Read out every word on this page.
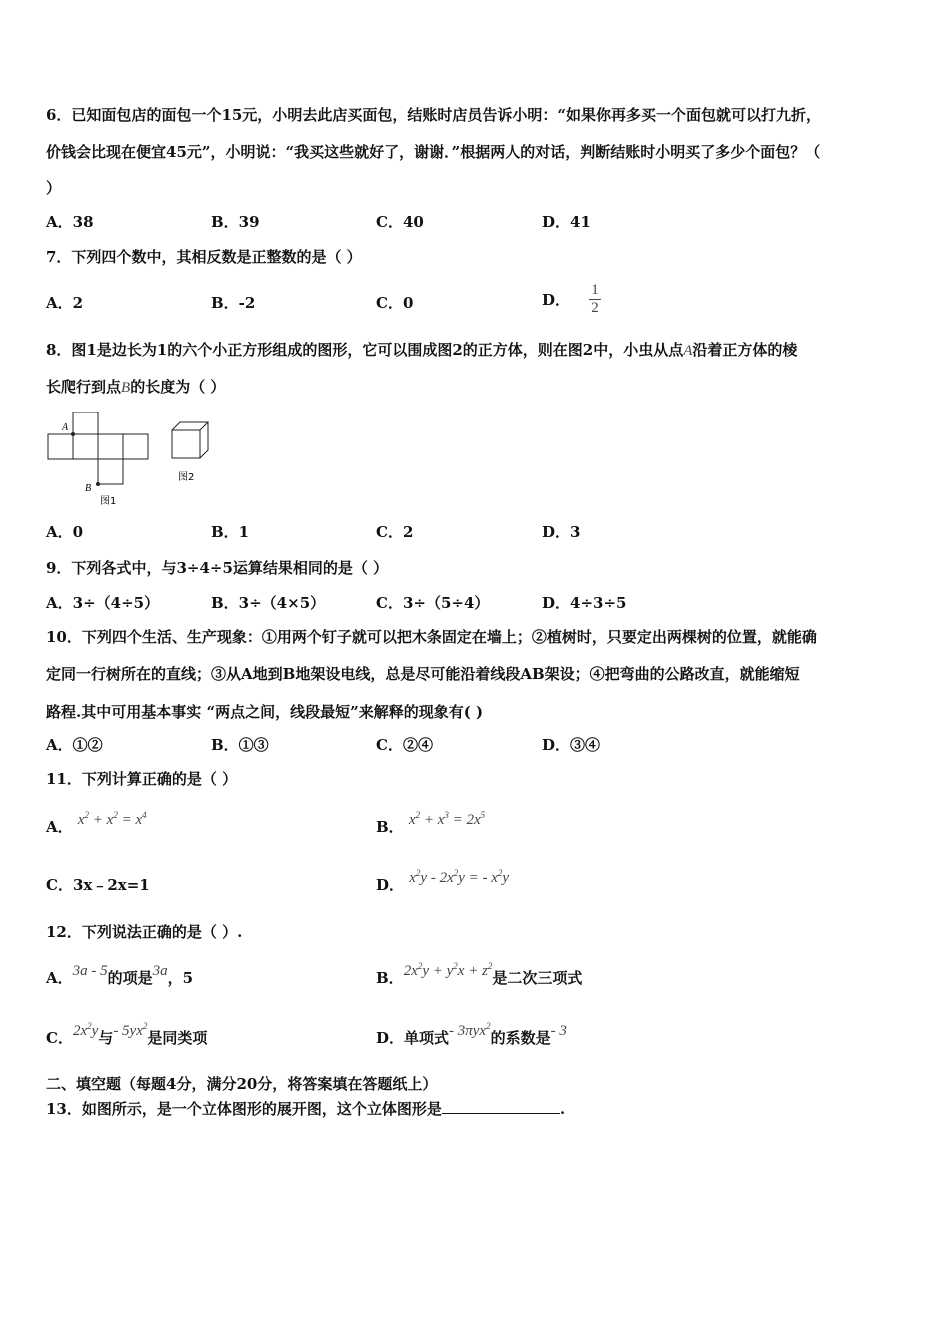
6．已知面包店的面包一个15元，小明去此店买面包，结账时店员告诉小明：“如果你再多买一个面包就可以打九折，
价钱会比现在便宜45元”，小明说：“我买这些就好了，谢谢．”根据两人的对话，判断结账时小明买了多少个面包？（
）
A．38	B．39	C．40	D．41
7．下列四个数中，其相反数是正整数的是（ ）
A．2	B．-2	C．0	D． $\frac{1}{2}$
8．图1是边长为1的六个小正方形组成的图形，它可以围成图2的正方体，则在图2中，小虫从点A沿着正方体的棱
长爬行到点B的长度为（ ）
A
B
图1
图2
A．0	B．1	C．2	D．3
9．下列各式中，与3÷4÷5运算结果相同的是（ ）
A．3÷（4÷5）	B．3÷（4×5）	C．3÷（5÷4）	D．4÷3÷5
10．下列四个生活、生产现象：①用两个钉子就可以把木条固定在墙上；②植树时，只要定出两棵树的位置，就能确
定同一行树所在的直线；③从A地到B地架设电线，总是尽可能沿着线段AB架设；④把弯曲的公路改直，就能缩短
路程.其中可用基本事实 “两点之间，线段最短”来解释的现象有( )
A．①②	B．①③	C．②④	D．③④
11．下列计算正确的是（ ）
A． $x^2 + x^2 = x^4$
B． $x^2 + x^3 = 2x^5$
C．3x﹣2x=1	D． $x^2y - 2x^2y$ = - $x^2y$
12．下列说法正确的是（ ）.
A．3a - 5的项是3a，5	B．$2x^2y + y^2x + z^2$是二次三项式
C．$2x^2y$与- $5yx^2$是同类项	D．单项式- 3πyx$^2$的系数是- 3
二、填空题（每题4分，满分20分，将答案填在答题纸上）
13．如图所示，是一个立体图形的展开图，这个立体图形是	.
